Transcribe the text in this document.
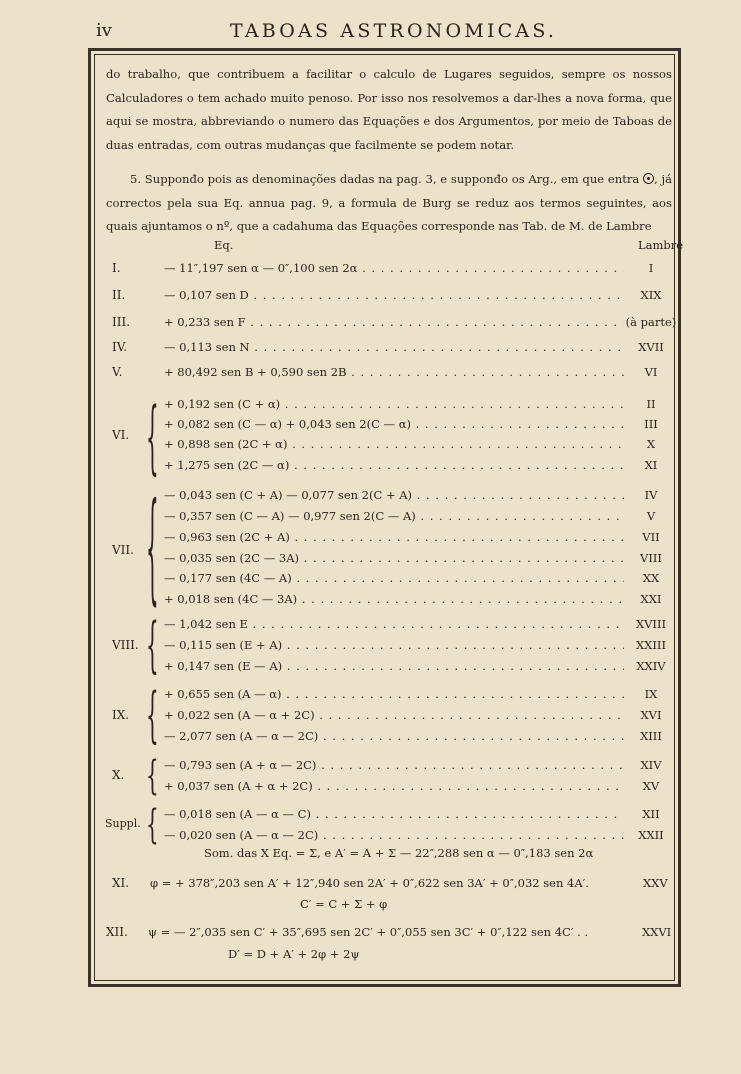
iv	TABOAS ASTRONOMICAS.
do trabalho, que contribuem a facilitar o calculo de Lugares seguidos, sempre os nossos Calculadores o tem achado muito penoso. Por isso nos resolvemos a dar-lhes a nova forma, que aqui se mostra, abbreviando o numero das Equações e dos Argumentos, por meio de Taboas de duas entradas, com outras mudanças que facilmente se podem notar.
5. Supponđo pois as denominações dadas na pag. 3, e supponđo os Arg., em que entra , já correctos pela sua Eq. annua pag. 9, a formula de Burg se reduz aos termos seguintes, aos quais ajuntamos o nº, que a cadahuma das Equações corresponde nas Tab. de M. de Lambre
Eq.	Lambre
I.	— 11″,197 sen α — 0″,100 sen 2α . . .	I
II.	— 0,107 sen D . . .	XIX
III.	+ 0,233 sen F . . .	(à parte)
IV.	— 0,113 sen N . . .	XVII
V.	+ 80,492 sen B + 0,590 sen 2B . . .	VI
VI.
+ 0,192 sen (C + α) . . .	II
+ 0,082 sen (C — α) + 0,043 sen 2(C — α) . . .	III
+ 0,898 sen (2C + α) . . .	X
+ 1,275 sen (2C — α) . . .	XI
VII.
— 0,043 sen (C + A) — 0,077 sen 2(C + A) . . .	IV
— 0,357 sen (C — A) — 0,977 sen 2(C — A) . . .	V
— 0,963 sen (2C + A) . . .	VII
— 0,035 sen (2C — 3A) . . .	VIII
— 0,177 sen (4C — A) . . .	XX
+ 0,018 sen (4C — 3A) . . .	XXI
VIII.
— 1,042 sen E . . .	XVIII
— 0,115 sen (E + A) . . .	XXIII
+ 0,147 sen (E — A) . . .	XXIV
IX.
+ 0,655 sen (A — α) . . .	IX
+ 0,022 sen (A — α + 2C) . . .	XVI
— 2,077 sen (A — α — 2C) . . .	XIII
X.
— 0,793 sen (A + α — 2C) . . .	XIV
+ 0,037 sen (A + α + 2C) . . .	XV
Suppl.
— 0,018 sen (A — α — C) . . .	XII
— 0,020 sen (A — α — 2C) . . .	XXII
{
{
{
{
{
{
Som. das X Eq. = Σ, e A′ = A + Σ — 22″,288 sen α — 0″,183 sen 2α
XI. φ = + 378″,203 sen A′ + 12″,940 sen 2A′ + 0″,622 sen 3A′ + 0″,032 sen 4A′.	XXV
C′ = C + Σ + φ
XII. ψ = — 2″,035 sen C′ + 35″,695 sen 2C′ + 0″,055 sen 3C′ + 0″,122 sen 4C′ . .	XXVI
D′ = D + A′ + 2φ + 2ψ
